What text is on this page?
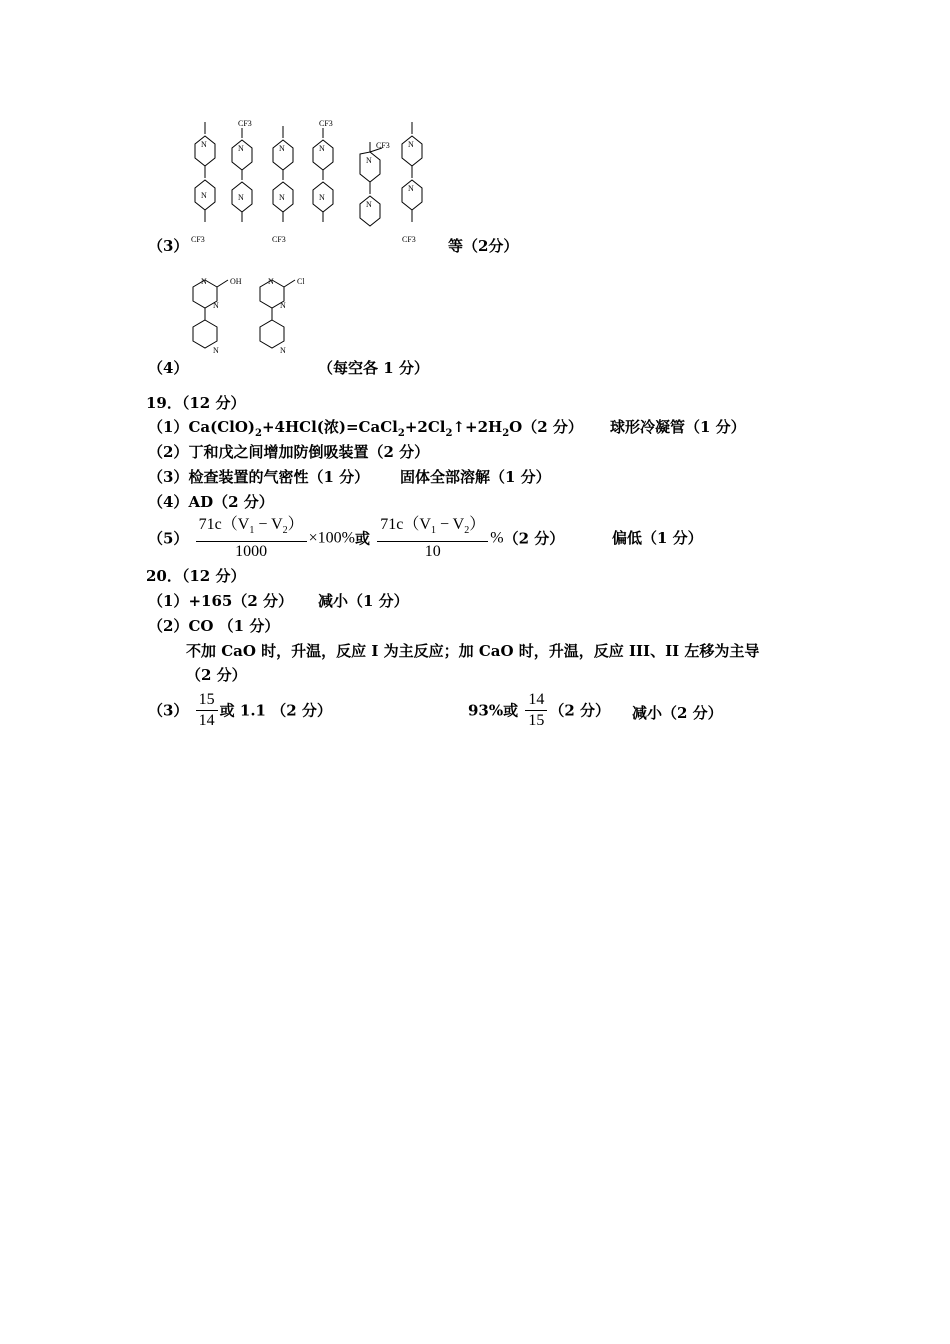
N
N
CF3
CF3
N
N
N
N
CF3
CF3
N
N
CF3
N
N
N
N
CF3
（3）	等（2分）
N
N
OH
N
N
N
Cl
N
（4）	（每空各 1 分）
19．（12 分）
$(1)Ca(ClO)_2+4HCl$(浓)$=CaCl_2+2Cl_2↑+2H_2O(2$ 分） 球形冷凝管（1 分）
（2）丁和戊之间增加防倒吸装置（2 分）
（3）检查装置的气密性（1 分） 固体全部溶解（1 分）
（4）AD（2 分）
$(5) \frac{71c(V_1 - V_2)}{1000} \times 100\%$或 $\frac{71c(V_1 - V_2)}{10} \%(2$ 分）	偏低（1 分）
20．（12 分）
（1）+165（2 分） 减小（1 分）
（2）CO （1 分）
不加 CaO 时，升温，反应 I 为主反应；加 CaO 时，升温，反应 III、II 左移为主导
（2 分）
$(3) \frac{15}{14}$ 或 1.1 （2 分）	93%或 $\frac{14}{15} (2$ 分） 减小（2 分）
